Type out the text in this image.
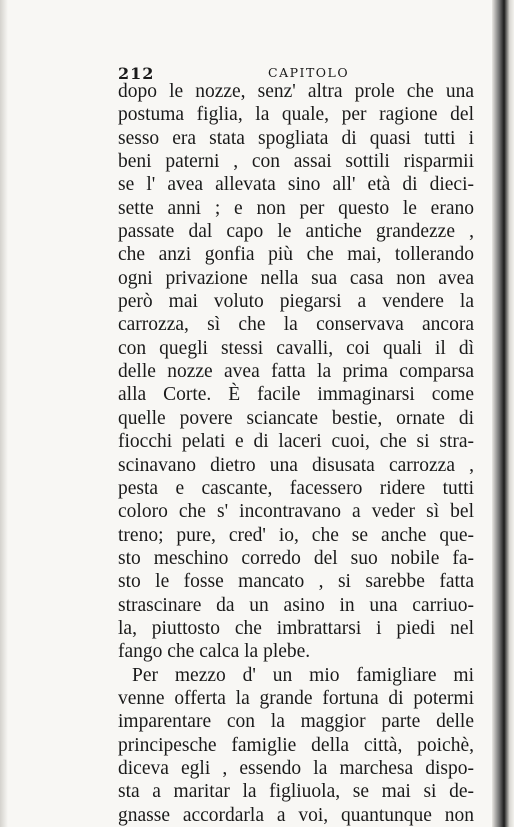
212	CAPITOLO
dopo le nozze, senz' altra prole che una
postuma figlia, la quale, per ragione del
sesso era stata spogliata di quasi tutti i
beni paterni , con assai sottili risparmii
se l' avea allevata sino all' età di dieci-
sette anni ; e non per questo le erano
passate dal capo le antiche grandezze ,
che anzi gonfia più che mai, tollerando
ogni privazione nella sua casa non avea
però mai voluto piegarsi a vendere la
carrozza, sì che la conservava ancora
con quegli stessi cavalli, coi quali il dì
delle nozze avea fatta la prima comparsa
alla Corte. È facile immaginarsi come
quelle povere sciancate bestie, ornate di
fiocchi pelati e di laceri cuoi, che si stra-
scinavano dietro una disusata carrozza ,
pesta e cascante, facessero ridere tutti
coloro che s' incontravano a veder sì bel
treno; pure, cred' io, che se anche que-
sto meschino corredo del suo nobile fa-
sto le fosse mancato , si sarebbe fatta
strascinare da un asino in una carriuo-
la, piuttosto che imbrattarsi i piedi nel
fango che calca la plebe.
Per mezzo d' un mio famigliare mi
venne offerta la grande fortuna di potermi
imparentare con la maggior parte delle
principesche famiglie della città, poichè,
diceva egli , essendo la marchesa dispo-
sta a maritar la figliuola, se mai si de-
gnasse accordarla a voi, quantunque non
